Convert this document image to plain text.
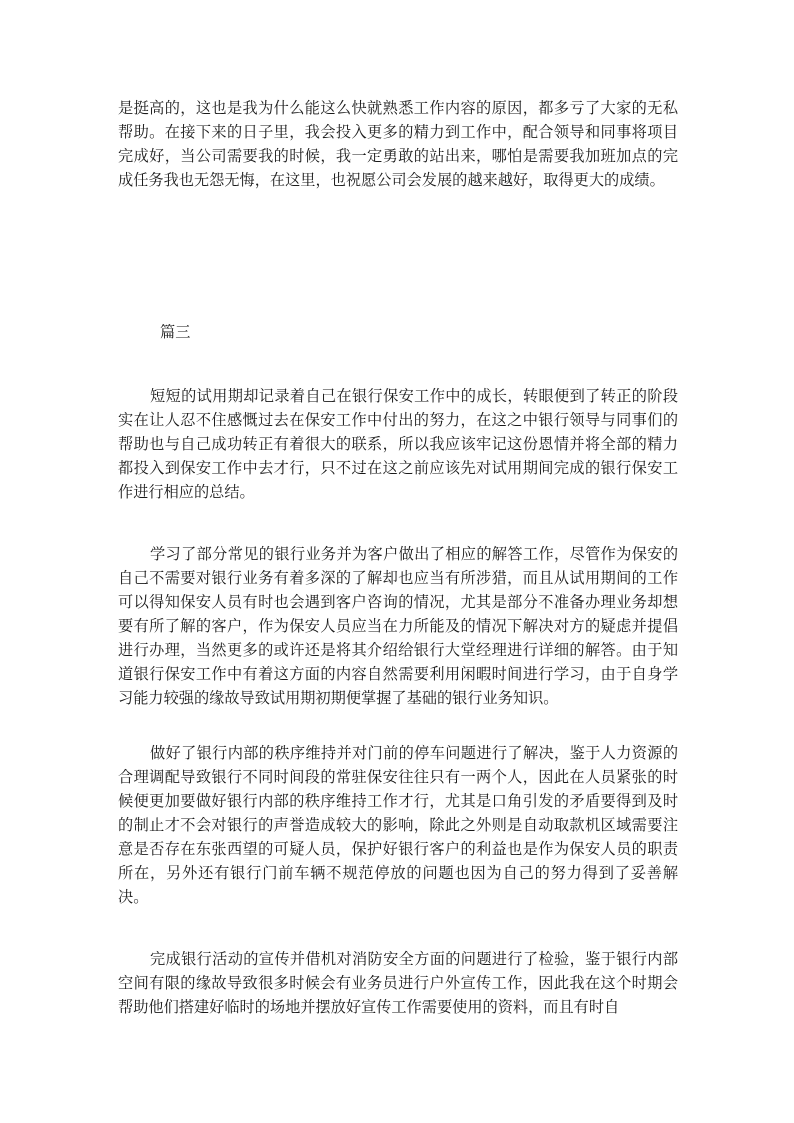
是挺高的，这也是我为什么能这么快就熟悉工作内容的原因，都多亏了大家的无私帮助。在接下来的日子里，我会投入更多的精力到工作中，配合领导和同事将项目完成好，当公司需要我的时候，我一定勇敢的站出来，哪怕是需要我加班加点的完成任务我也无怨无悔，在这里，也祝愿公司会发展的越来越好，取得更大的成绩。

篇三

短短的试用期却记录着自己在银行保安工作中的成长，转眼便到了转正的阶段实在让人忍不住感慨过去在保安工作中付出的努力，在这之中银行领导与同事们的帮助也与自己成功转正有着很大的联系，所以我应该牢记这份恩情并将全部的精力都投入到保安工作中去才行，只不过在这之前应该先对试用期间完成的银行保安工作进行相应的总结。

学习了部分常见的银行业务并为客户做出了相应的解答工作，尽管作为保安的自己不需要对银行业务有着多深的了解却也应当有所涉猎，而且从试用期间的工作可以得知保安人员有时也会遇到客户咨询的情况，尤其是部分不准备办理业务却想要有所了解的客户，作为保安人员应当在力所能及的情况下解决对方的疑虑并提倡进行办理，当然更多的或许还是将其介绍给银行大堂经理进行详细的解答。由于知道银行保安工作中有着这方面的内容自然需要利用闲暇时间进行学习，由于自身学习能力较强的缘故导致试用期初期便掌握了基础的银行业务知识。

做好了银行内部的秩序维持并对门前的停车问题进行了解决，鉴于人力资源的合理调配导致银行不同时间段的常驻保安往往只有一两个人，因此在人员紧张的时候便更加要做好银行内部的秩序维持工作才行，尤其是口角引发的矛盾要得到及时的制止才不会对银行的声誉造成较大的影响，除此之外则是自动取款机区域需要注意是否存在东张西望的可疑人员，保护好银行客户的利益也是作为保安人员的职责所在，另外还有银行门前车辆不规范停放的问题也因为自己的努力得到了妥善解决。

完成银行活动的宣传并借机对消防安全方面的问题进行了检验，鉴于银行内部空间有限的缘故导致很多时候会有业务员进行户外宣传工作，因此我在这个时期会帮助他们搭建好临时的场地并摆放好宣传工作需要使用的资料，而且有时自
